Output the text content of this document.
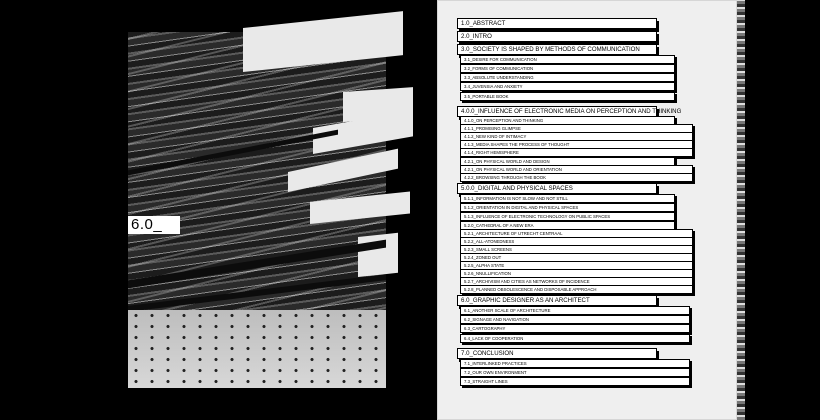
6.0_
1.0_ABSTRACT
2.0_INTRO
3.0_SOCIETY IS SHAPED BY METHODS OF COMMUNICATION
3.1_DESIRE FOR COMMUNICATION
3.2_FORMS OF COMMUNICATION
3.3_ABSOLUTE UNDERSTANDING
3.4_JUVENSIA AND ANXIETY
3.5_PORTABLE BOOK
4.0.0_INFLUENCE OF ELECTRONIC MEDIA ON PERCEPTION AND THINKING
4.1.0_ON PERCEPTION AND THINKING
4.1.1_PROMISING GLIMPSE
4.1.2_NEW KIND OF INTIMACY
4.1.3_MEDIA SHAPES THE PROCESS OF THOUGHT
4.1.4_RIGHT HEMISPHERE
4.2.1_ON PHYSICAL WORLD AND DESIGN
4.2.1_ON PHYSICAL WORLD AND ORIENTATION
4.2.2_BROWSING THROUGH THE BOOK
5.0.0_DIGITAL AND PHYSICAL SPACES
5.1.1_INFORMATION IS NOT SLOW AND NOT STILL
5.1.2_ORIENTATION IN DIGITAL AND PHYSICAL SPACES
5.1.3_INFLUENCE OF ELECTRONIC TECHNOLOGY ON PUBLIC SPACES
5.2.0_CATHEDRAL OF A NEW ERA
5.2.1_ARCHITECTURE OF UTRECHT CENTRAAL
5.2.2_ALL-ATONEDNESS
5.2.3_SMALL SCREENS
5.2.4_ZONED OUT
5.2.5_ALPHA STATE
5.2.6_NNULLIFICATION
5.2.7_ARCHIVISM AND CITIES AS NETWORKS OF INCIDENCE
5.2.8_PLANNED OBSOLESCENCE AND DISPOSABLE APPROACH
6.0_GRAPHIC DESIGNER AS AN ARCHITECT
6.1_ANOTHER SCALE OF ARCHITECTURE
6.2_SIGNAGE AND NAVIGATION
6.3_CARTOGRAPHY
6.4_LACK OF COOPERATION
7.0_CONCLUSION
7.1_INTERLINKED PRACTICES
7.2_OUR OWN ENVIRONMENT
7.3_STRAIGHT LINES
